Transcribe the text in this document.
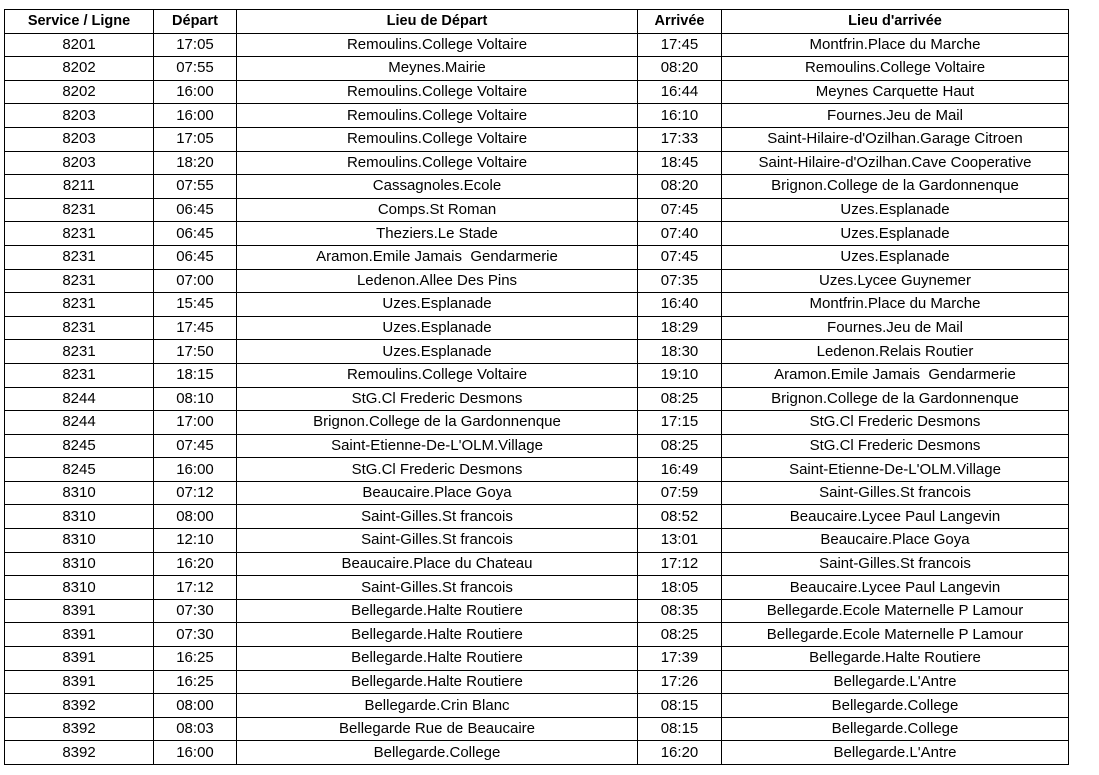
Service / Ligne	Départ	Lieu de Départ	Arrivée	Lieu d'arrivée
8201	17:05	Remoulins.College Voltaire	17:45	Montfrin.Place du Marche
8202	07:55	Meynes.Mairie	08:20	Remoulins.College Voltaire
8202	16:00	Remoulins.College Voltaire	16:44	Meynes Carquette Haut
8203	16:00	Remoulins.College Voltaire	16:10	Fournes.Jeu de Mail
8203	17:05	Remoulins.College Voltaire	17:33	Saint-Hilaire-d'Ozilhan.Garage Citroen
8203	18:20	Remoulins.College Voltaire	18:45	Saint-Hilaire-d'Ozilhan.Cave Cooperative
8211	07:55	Cassagnoles.Ecole	08:20	Brignon.College de la Gardonnenque
8231	06:45	Comps.St Roman	07:45	Uzes.Esplanade
8231	06:45	Theziers.Le Stade	07:40	Uzes.Esplanade
8231	06:45	Aramon.Emile Jamais  Gendarmerie	07:45	Uzes.Esplanade
8231	07:00	Ledenon.Allee Des Pins	07:35	Uzes.Lycee Guynemer
8231	15:45	Uzes.Esplanade	16:40	Montfrin.Place du Marche
8231	17:45	Uzes.Esplanade	18:29	Fournes.Jeu de Mail
8231	17:50	Uzes.Esplanade	18:30	Ledenon.Relais Routier
8231	18:15	Remoulins.College Voltaire	19:10	Aramon.Emile Jamais  Gendarmerie
8244	08:10	StG.Cl Frederic Desmons	08:25	Brignon.College de la Gardonnenque
8244	17:00	Brignon.College de la Gardonnenque	17:15	StG.Cl Frederic Desmons
8245	07:45	Saint-Etienne-De-L'OLM.Village	08:25	StG.Cl Frederic Desmons
8245	16:00	StG.Cl Frederic Desmons	16:49	Saint-Etienne-De-L'OLM.Village
8310	07:12	Beaucaire.Place Goya	07:59	Saint-Gilles.St francois
8310	08:00	Saint-Gilles.St francois	08:52	Beaucaire.Lycee Paul Langevin
8310	12:10	Saint-Gilles.St francois	13:01	Beaucaire.Place Goya
8310	16:20	Beaucaire.Place du Chateau	17:12	Saint-Gilles.St francois
8310	17:12	Saint-Gilles.St francois	18:05	Beaucaire.Lycee Paul Langevin
8391	07:30	Bellegarde.Halte Routiere	08:35	Bellegarde.Ecole Maternelle P Lamour
8391	07:30	Bellegarde.Halte Routiere	08:25	Bellegarde.Ecole Maternelle P Lamour
8391	16:25	Bellegarde.Halte Routiere	17:39	Bellegarde.Halte Routiere
8391	16:25	Bellegarde.Halte Routiere	17:26	Bellegarde.L'Antre
8392	08:00	Bellegarde.Crin Blanc	08:15	Bellegarde.College
8392	08:03	Bellegarde Rue de Beaucaire	08:15	Bellegarde.College
8392	16:00	Bellegarde.College	16:20	Bellegarde.L'Antre
